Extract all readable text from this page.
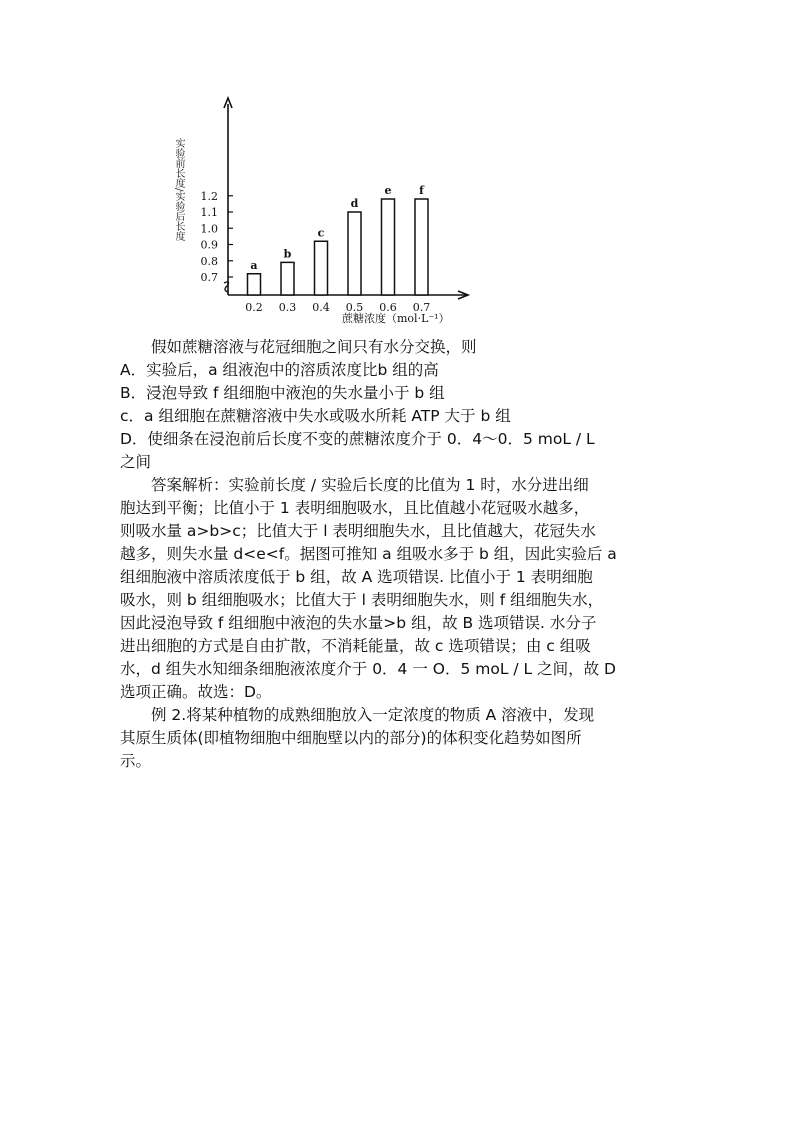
0.7
0.8
0.9
1.0
1.1
1.2
a
0.2
b
0.3
c
0.4
d
0.5
e
0.6
f
0.7
实验前长度/实验后长度
蔗糖浓度（mol·L⁻¹）

假如蔗糖溶液与花冠细胞之间只有水分交换，则

A．实验后，a 组液泡中的溶质浓度比b 组的高

B．浸泡导致 f 组细胞中液泡的失水量小于 b 组

c．a 组细胞在蔗糖溶液中失水或吸水所耗 ATP 大于 b 组

D．使细条在浸泡前后长度不变的蔗糖浓度介于 0．4～0．5 moL / L

之间

答案解析：实验前长度 / 实验后长度的比值为 1 时，水分进出细

胞达到平衡；比值小于 1 表明细胞吸水，且比值越小花冠吸水越多，

则吸水量 a>b>c；比值大于 l 表明细胞失水，且比值越大，花冠失水

越多，则失水量 d<e<f。据图可推知 a 组吸水多于 b 组，因此实验后 a

组细胞液中溶质浓度低于 b 组，故 A 选项错误. 比值小于 1 表明细胞

吸水，则 b 组细胞吸水；比值大于 l 表明细胞失水，则 f 组细胞失水，

因此浸泡导致 f 组细胞中液泡的失水量>b 组，故 B 选项错误. 水分子

进出细胞的方式是自由扩散，不消耗能量，故 c 选项错误；由 c 组吸

水，d 组失水知细条细胞液浓度介于 0．4 一 O．5 moL / L 之间，故 D

选项正确。故选：D。

例 2.将某种植物的成熟细胞放入一定浓度的物质 A 溶液中，发现

其原生质体(即植物细胞中细胞壁以内的部分)的体积变化趋势如图所

示。
